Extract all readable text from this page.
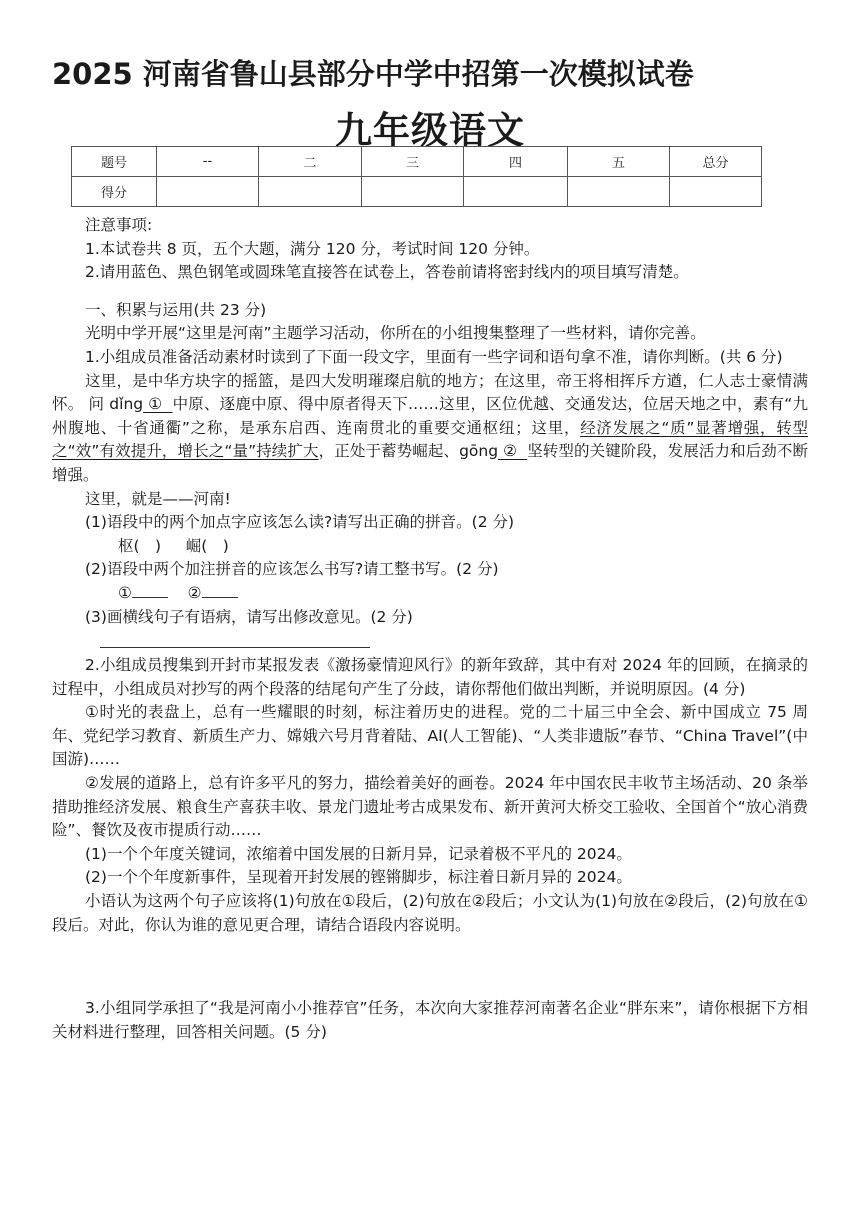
2025 河南省鲁山县部分中学中招第一次模拟试卷
九年级语文
题号	--	二	三	四	五	总分
得分						

注意事项:

1.本试卷共 8 页，五个大题，满分 120 分，考试时间 120 分钟。

2.请用蓝色、黑色钢笔或圆珠笔直接答在试卷上，答卷前请将密封线内的项目填写清楚。

一、积累与运用(共 23 分)

光明中学开展“这里是河南”主题学习活动，你所在的小组搜集整理了一些材料，请你完善。

1.小组成员准备活动素材时读到了下面一段文字，里面有一些字词和语句拿不准，请你判断。(共 6 分)

这里，是中华方块字的摇篮，是四大发明璀璨启航的地方；在这里，帝王将相挥斥方遒，仁人志士豪情满怀。 问 dǐng ① 中原、逐鹿中原、得中原者得天下……这里，区位优越、交通发达，位居天地之中，素有“九州腹地、十省通衢”之称，是承东启西、连南贯北的重要交通枢纽；这里，经济发展之“质”显著增强，转型之“效”有效提升，增长之“量”持续扩大，正处于蓄势崛起、gōng ② 坚转型的关键阶段，发展活力和后劲不断增强。

这里，就是——河南!

(1)语段中的两个加点字应该怎么读?请写出正确的拼音。(2 分)

枢(　) 崛(　)

(2)语段中两个加注拼音的应该怎么书写?请工整书写。(2 分)

①	②

(3)画横线句子有语病，请写出修改意见。(2 分)

2.小组成员搜集到开封市某报发表《激扬豪情迎风行》的新年致辞，其中有对 2024 年的回顾，在摘录的过程中，小组成员对抄写的两个段落的结尾句产生了分歧，请你帮他们做出判断，并说明原因。(4 分)

①时光的表盘上，总有一些耀眼的时刻，标注着历史的进程。党的二十届三中全会、新中国成立 75 周年、党纪学习教育、新质生产力、嫦娥六号月背着陆、AI(人工智能)、“人类非遗版”春节、“China Travel”(中国游)……

②发展的道路上，总有许多平凡的努力，描绘着美好的画卷。2024 年中国农民丰收节主场活动、20 条举措助推经济发展、粮食生产喜获丰收、景龙门遗址考古成果发布、新开黄河大桥交工验收、全国首个“放心消费险”、餐饮及夜市提质行动……

(1)一个个年度关键词，浓缩着中国发展的日新月异，记录着极不平凡的 2024。

(2)一个个年度新事件，呈现着开封发展的铿锵脚步，标注着日新月异的 2024。

小语认为这两个句子应该将(1)句放在①段后，(2)句放在②段后；小文认为(1)句放在②段后，(2)句放在①段后。对此，你认为谁的意见更合理，请结合语段内容说明。

3.小组同学承担了“我是河南小小推荐官”任务，本次向大家推荐河南著名企业“胖东来”，请你根据下方相关材料进行整理，回答相关问题。(5 分)
